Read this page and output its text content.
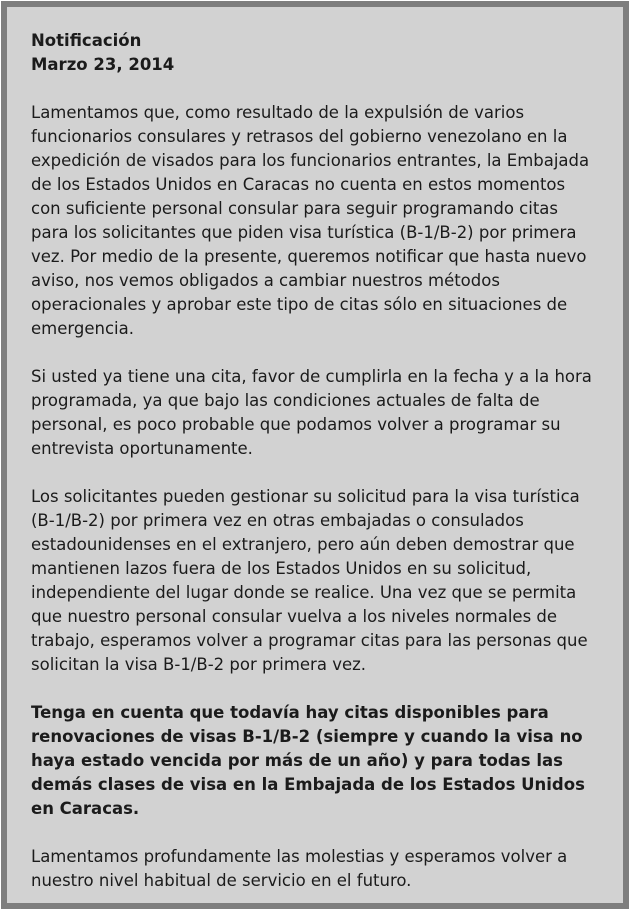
Notificación
Marzo 23, 2014

Lamentamos que, como resultado de la expulsión de varios funcionarios consulares y retrasos del gobierno venezolano en la expedición de visados para los funcionarios entrantes, la Embajada de los Estados Unidos en Caracas no cuenta en estos momentos con suficiente personal consular para seguir programando citas para los solicitantes que piden visa turística (B-1/B-2) por primera vez. Por medio de la presente, queremos notificar que hasta nuevo aviso, nos vemos obligados a cambiar nuestros métodos operacionales y aprobar este tipo de citas sólo en situaciones de emergencia.

Si usted ya tiene una cita, favor de cumplirla en la fecha y a la hora programada, ya que bajo las condiciones actuales de falta de personal, es poco probable que podamos volver a programar su entrevista oportunamente.

Los solicitantes pueden gestionar su solicitud para la visa turística (B-1/B-2) por primera vez en otras embajadas o consulados estadounidenses en el extranjero, pero aún deben demostrar que mantienen lazos fuera de los Estados Unidos en su solicitud, independiente del lugar donde se realice. Una vez que se permita que nuestro personal consular vuelva a los niveles normales de trabajo, esperamos volver a programar citas para las personas que solicitan la visa B-1/B-2 por primera vez.

Tenga en cuenta que todavía hay citas disponibles para renovaciones de visas B-1/B-2 (siempre y cuando la visa no haya estado vencida por más de un año) y para todas las demás clases de visa en la Embajada de los Estados Unidos en Caracas.

Lamentamos profundamente las molestias y esperamos volver a nuestro nivel habitual de servicio en el futuro.
